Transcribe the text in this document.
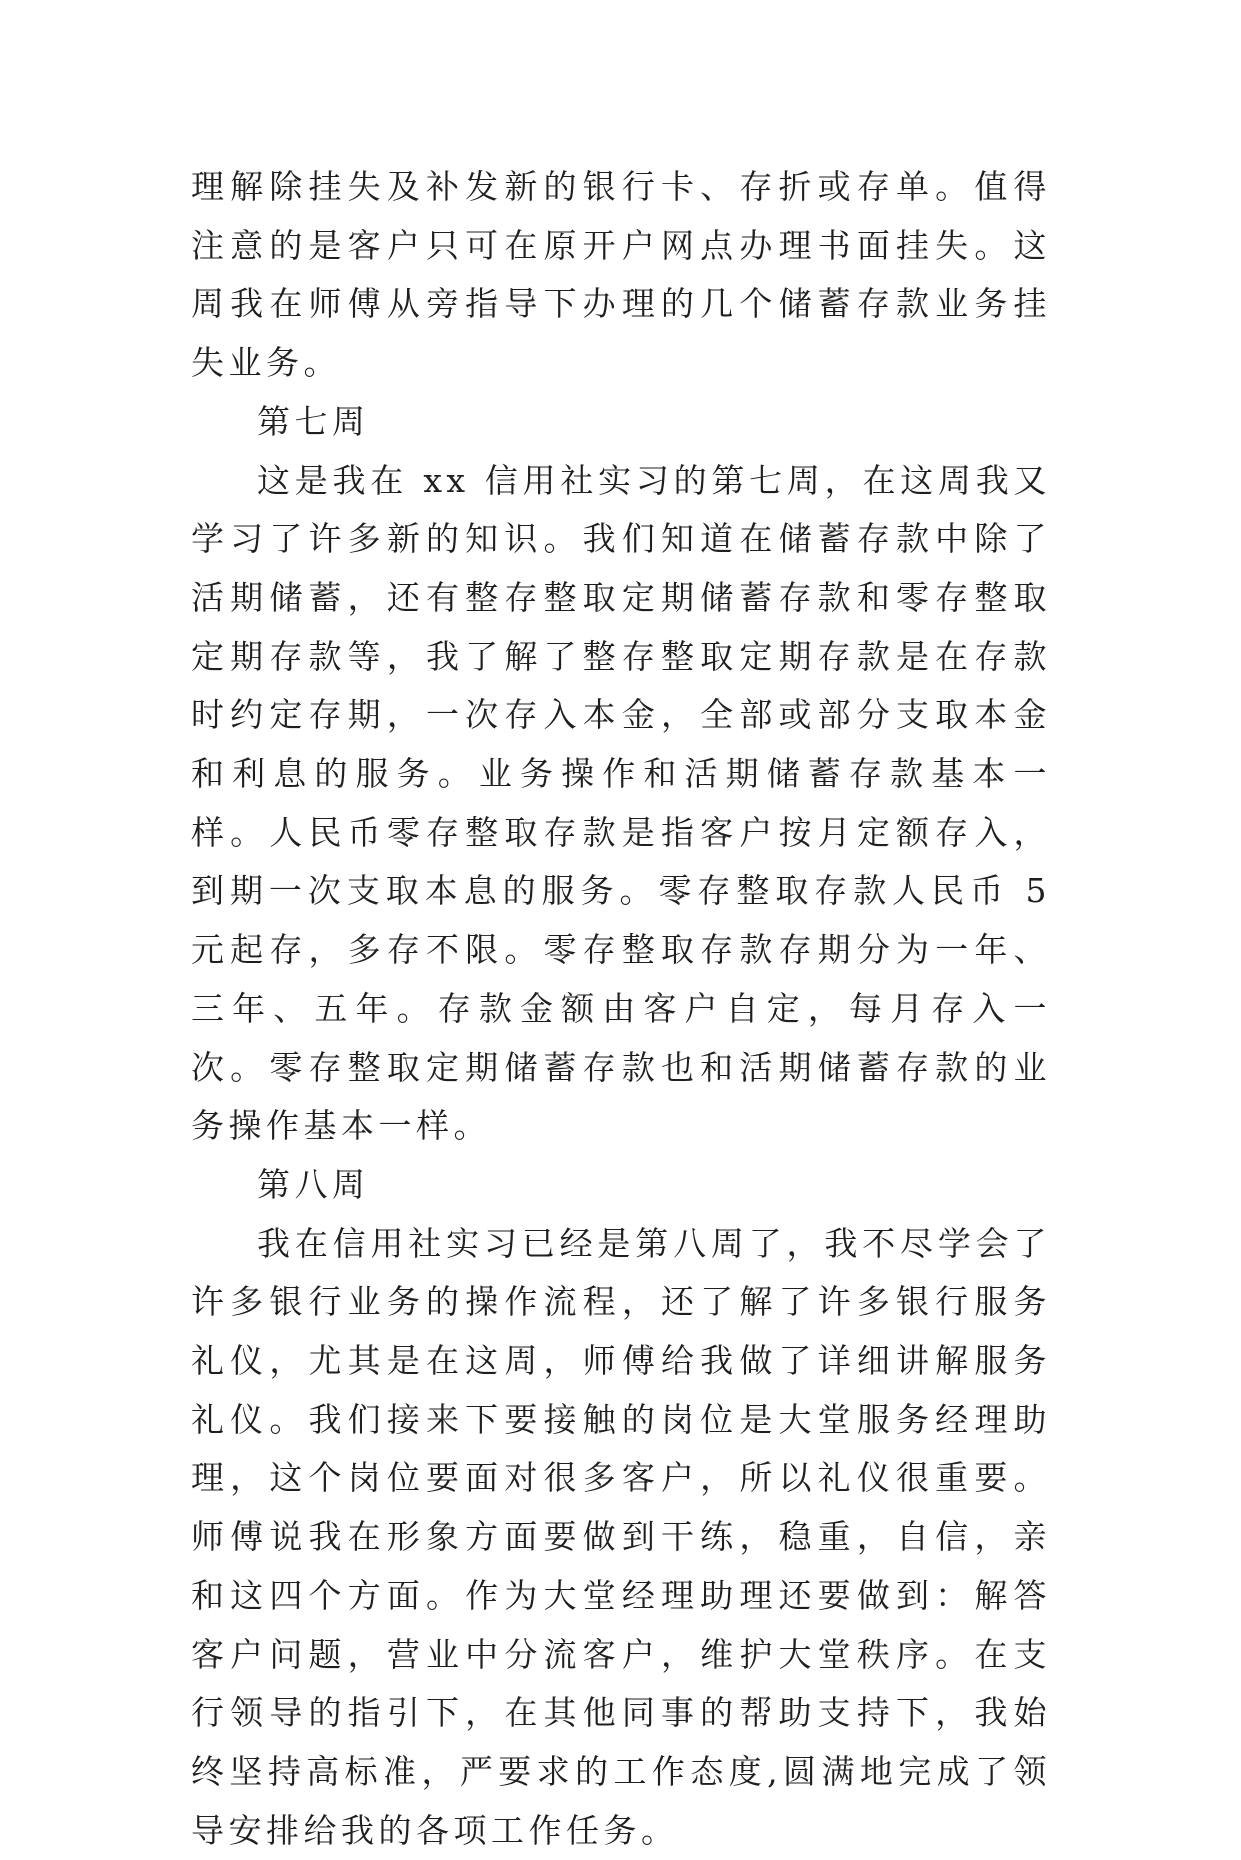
理解除挂失及补发新的银行卡、存折或存单。值得注意的是客户只可在原开户网点办理书面挂失。这周我在师傅从旁指导下办理的几个储蓄存款业务挂失业务。

第七周

这是我在 xx 信用社实习的第七周，在这周我又学习了许多新的知识。我们知道在储蓄存款中除了活期储蓄，还有整存整取定期储蓄存款和零存整取定期存款等，我了解了整存整取定期存款是在存款时约定存期，一次存入本金，全部或部分支取本金和利息的服务。业务操作和活期储蓄存款基本一样。人民币零存整取存款是指客户按月定额存入，到期一次支取本息的服务。零存整取存款人民币 5 元起存，多存不限。零存整取存款存期分为一年、三年、五年。存款金额由客户自定，每月存入一次。零存整取定期储蓄存款也和活期储蓄存款的业务操作基本一样。

第八周

我在信用社实习已经是第八周了，我不尽学会了许多银行业务的操作流程，还了解了许多银行服务礼仪，尤其是在这周，师傅给我做了详细讲解服务礼仪。我们接来下要接触的岗位是大堂服务经理助理，这个岗位要面对很多客户，所以礼仪很重要。师傅说我在形象方面要做到干练，稳重，自信，亲和这四个方面。作为大堂经理助理还要做到：解答客户问题，营业中分流客户，维护大堂秩序。在支行领导的指引下，在其他同事的帮助支持下，我始终坚持高标准，严要求的工作态度,圆满地完成了领导安排给我的各项工作任务。
